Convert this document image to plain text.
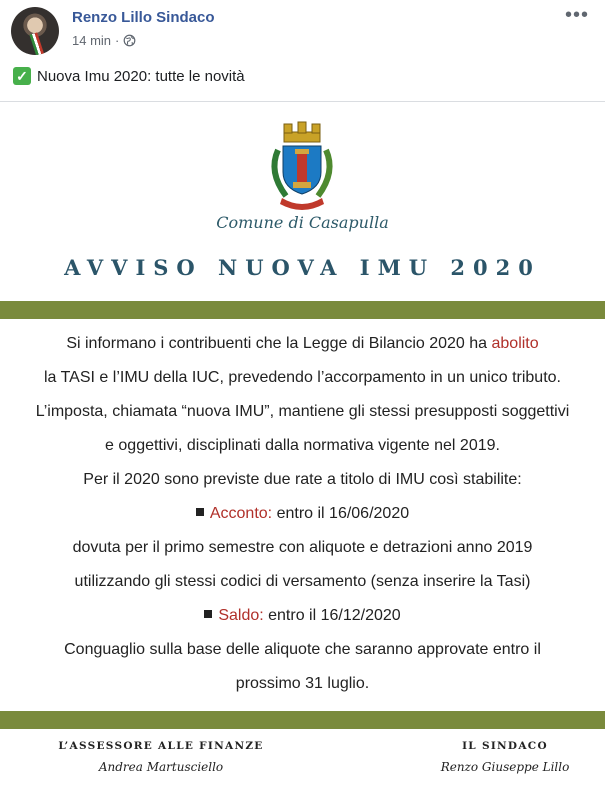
Renzo Lillo Sindaco
14 min ·
•••
✓ Nuova Imu 2020: tutte le novità
Comune di Casapulla
AVVISO NUOVA IMU 2020
Si informano i contribuenti che la Legge di Bilancio 2020 ha abolito
la TASI e l’IMU della IUC, prevedendo l’accorpamento in un unico tributo.
L’imposta, chiamata “nuova IMU”, mantiene gli stessi presupposti soggettivi
e oggettivi, disciplinati dalla normativa vigente nel 2019.
Per il 2020 sono previste due rate a titolo di IMU così stabilite:
Acconto: entro il 16/06/2020
dovuta per il primo semestre con aliquote e detrazioni anno 2019
utilizzando gli stessi codici di versamento (senza inserire la Tasi)
Saldo: entro il 16/12/2020
Conguaglio sulla base delle aliquote che saranno approvate entro il
prossimo 31 luglio.
L’ASSESSORE ALLE FINANZE
Andrea Martusciello
IL SINDACO
Renzo Giuseppe Lillo
